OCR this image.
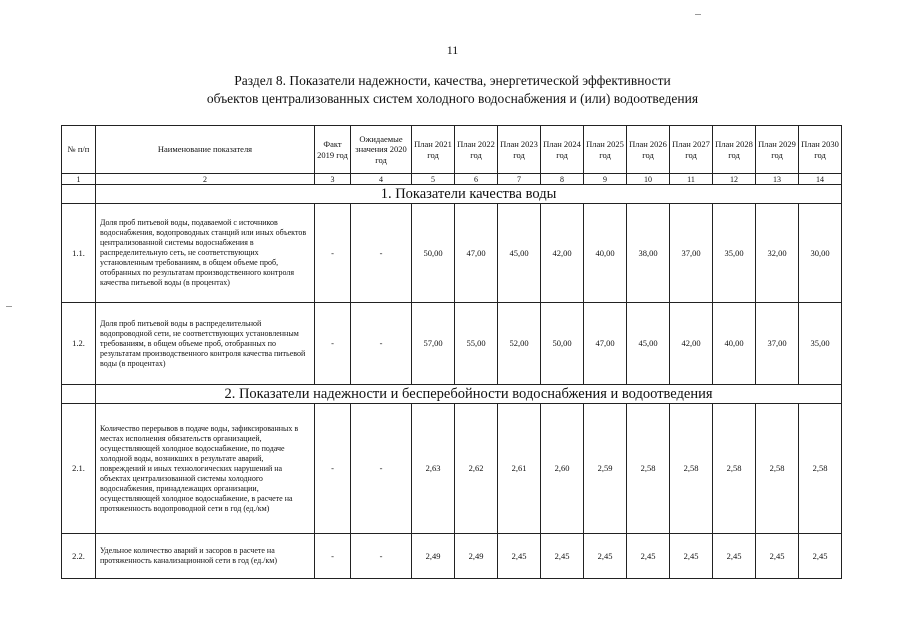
11
Раздел 8. Показатели надежности, качества, энергетической эффективности
объектов централизованных систем холодного водоснабжения и (или) водоотведения
№ п/п	Наименование показателя	Факт 2019 год	Ожидаемые значения 2020 год	План 2021 год	План 2022 год	План 2023 год	План 2024 год	План 2025 год	План 2026 год	План 2027 год	План 2028 год	План 2029 год	План 2030 год
1	2	3	4	5	6	7	8	9	10	11	12	13	14
	1. Показатели качества воды												
1.1.	Доля проб питьевой воды, подаваемой с источников водоснабжения, водопроводных станций или иных объектов централизованной системы водоснабжения в распределительную сеть, не соответствующих установленным требованиям, в общем объеме проб, отобранных по результатам производственного контроля качества питьевой воды (в процентах)	-	-	50,00	47,00	45,00	42,00	40,00	38,00	37,00	35,00	32,00	30,00
1.2.	Доля проб питьевой воды в распределительной водопроводной сети, не соответствующих установленным требованиям, в общем объеме проб, отобранных по результатам производственного контроля качества питьевой воды (в процентах)	-	-	57,00	55,00	52,00	50,00	47,00	45,00	42,00	40,00	37,00	35,00
	2. Показатели надежности и бесперебойности водоснабжения и водоотведения												
2.1.	Количество перерывов в подаче воды, зафиксированных в местах исполнения обязательств организацией, осуществляющей холодное водоснабжение, по подаче холодной воды, возникших в результате аварий, повреждений и иных технологических нарушений на объектах централизованной системы холодного водоснабжения, принадлежащих организации, осуществляющей холодное водоснабжение, в расчете на протяженность водопроводной сети в год (ед./км)	-	-	2,63	2,62	2,61	2,60	2,59	2,58	2,58	2,58	2,58	2,58
2.2.	Удельное количество аварий и засоров в расчете на протяженность канализационной сети в год (ед./км)	-	-	2,49	2,49	2,45	2,45	2,45	2,45	2,45	2,45	2,45	2,45
